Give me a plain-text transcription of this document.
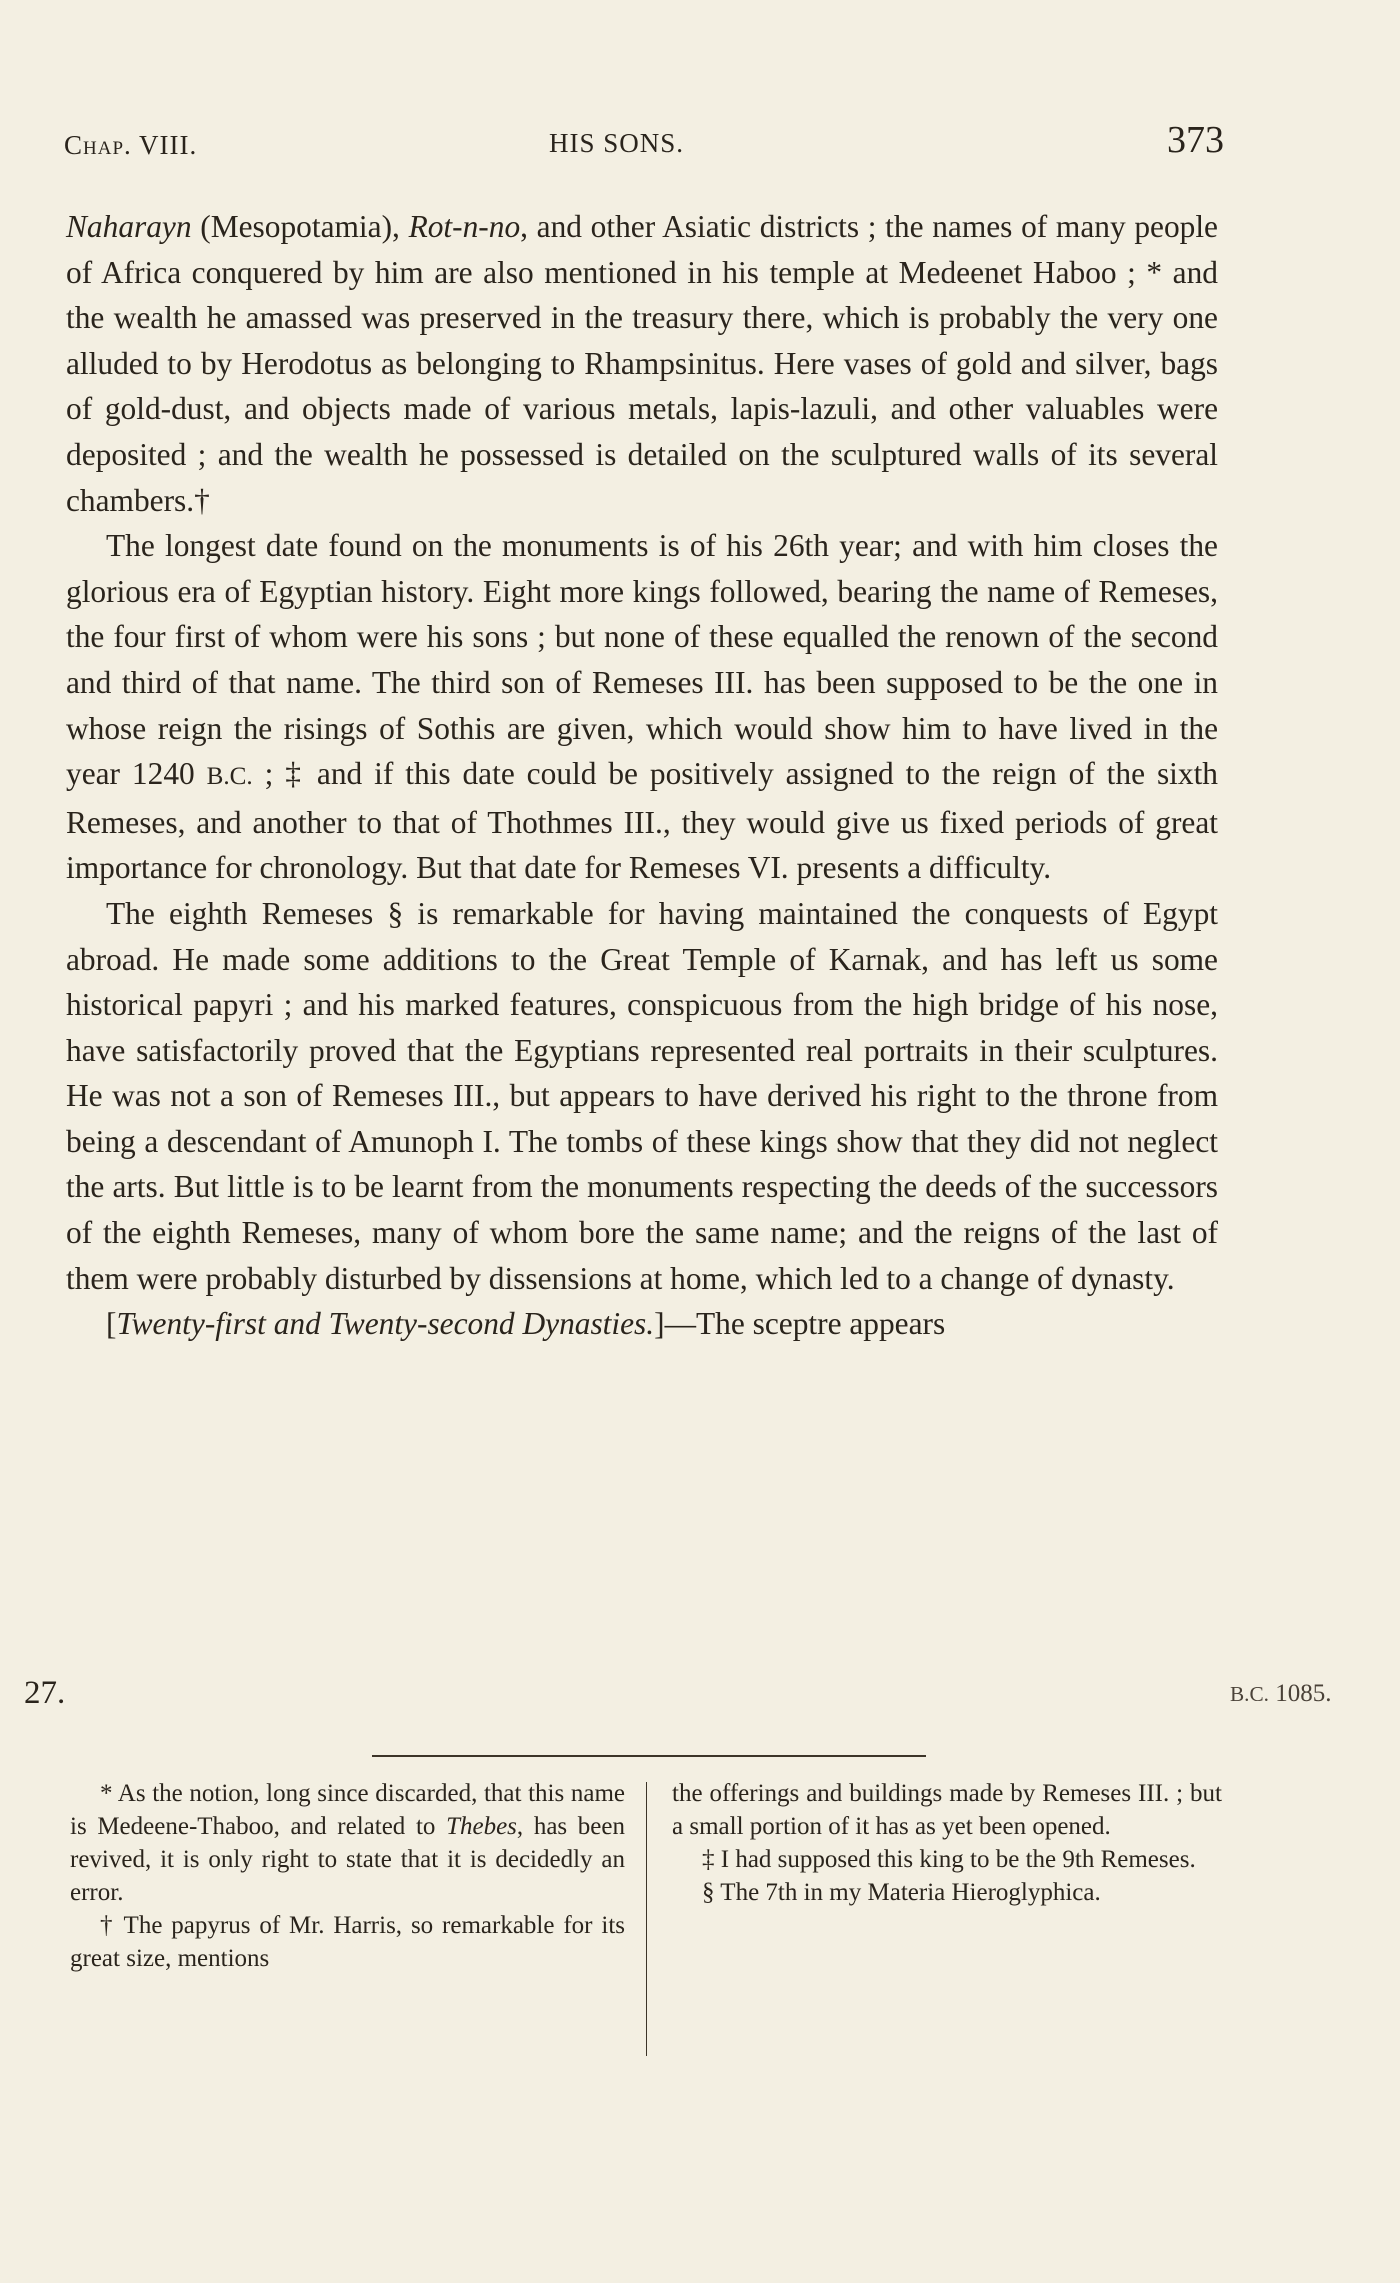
Chap. VIII.	HIS SONS.	373

Naharayn (Mesopotamia), Rot-n-no, and other Asiatic districts ; the names of many people of Africa conquered by him are also mentioned in his temple at Medeenet Haboo ; * and the wealth he amassed was preserved in the treasury there, which is probably the very one alluded to by Herodotus as belonging to Rhampsinitus. Here vases of gold and silver, bags of gold-dust, and objects made of various metals, lapis-lazuli, and other valuables were deposited ; and the wealth he possessed is detailed on the sculptured walls of its several chambers.†

The longest date found on the monuments is of his 26th year; and with him closes the glorious era of Egyptian history. Eight more kings followed, bearing the name of Remeses, the four first of whom were his sons ; but none of these equalled the renown of the second and third of that name. The third son of Remeses III. has been supposed to be the one in whose reign the risings of Sothis are given, which would show him to have lived in the year 1240 B.C. ; ‡ and if this date could be positively assigned to the reign of the sixth Remeses, and another to that of Thothmes III., they would give us fixed periods of great importance for chronology. But that date for Remeses VI. presents a difficulty.

The eighth Remeses § is remarkable for having maintained the conquests of Egypt abroad. He made some additions to the Great Temple of Karnak, and has left us some historical papyri ; and his marked features, conspicuous from the high bridge of his nose, have satisfactorily proved that the Egyptians represented real portraits in their sculptures. He was not a son of Remeses III., but appears to have derived his right to the throne from being a descendant of Amunoph I. The tombs of these kings show that they did not neglect the arts. But little is to be learnt from the monuments respecting the deeds of the successors of the eighth Remeses, many of whom bore the same name; and the reigns of the last of them were probably disturbed by dissensions at home, which led to a change of dynasty.

[Twenty-first and Twenty-second Dynasties.]—The sceptre appears

27.	B.C. 1085.

* As the notion, long since discarded, that this name is Medeene-Thaboo, and related to Thebes, has been revived, it is only right to state that it is decidedly an error.

† The papyrus of Mr. Harris, so remarkable for its great size, mentions

the offerings and buildings made by Remeses III. ; but a small portion of it has as yet been opened.

‡ I had supposed this king to be the 9th Remeses.

§ The 7th in my Materia Hieroglyphica.
